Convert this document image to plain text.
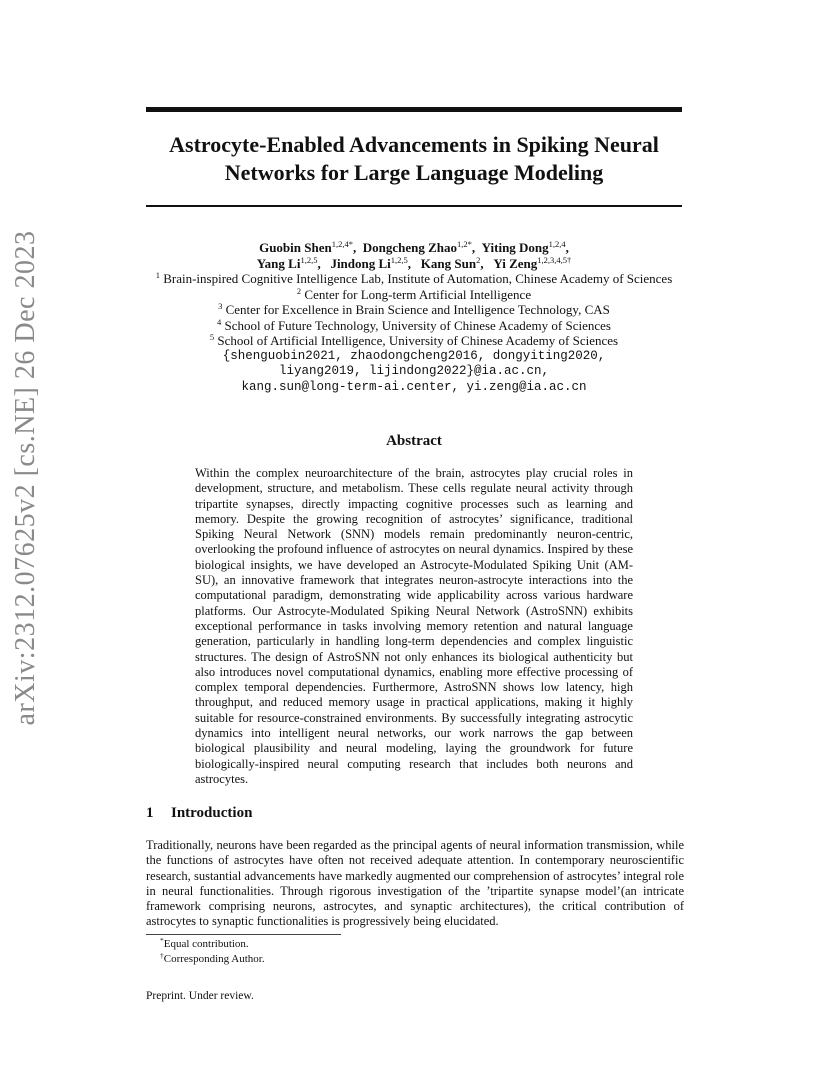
arXiv:2312.07625v2 [cs.NE] 26 Dec 2023
Astrocyte-Enabled Advancements in Spiking Neural Networks for Large Language Modeling
Guobin Shen$^{1,2,4*}$,  Dongcheng Zhao$^{1,2*}$,  Yiting Dong$^{1,2,4}$,
Yang Li$^{1,2,5}$,   Jindong Li$^{1,2,5}$,   Kang Sun$^2$,   Yi Zeng$^{1,2,3,4,5\dagger}$
$^1$ Brain-inspired Cognitive Intelligence Lab, Institute of Automation, Chinese Academy of Sciences
$^2$ Center for Long-term Artificial Intelligence
$^3$ Center for Excellence in Brain Science and Intelligence Technology, CAS
$^4$ School of Future Technology, University of Chinese Academy of Sciences
$^5$ School of Artificial Intelligence, University of Chinese Academy of Sciences
{shenguobin2021, zhaodongcheng2016, dongyiting2020,
liyang2019, lijindong2022}@ia.ac.cn,
kang.sun@long-term-ai.center, yi.zeng@ia.ac.cn
Abstract
Within the complex neuroarchitecture of the brain, astrocytes play crucial roles in development, structure, and metabolism. These cells regulate neural activity through tripartite synapses, directly impacting cognitive processes such as learning and memory. Despite the growing recognition of astrocytes’ significance, traditional Spiking Neural Network (SNN) models remain predominantly neuron-centric, overlooking the profound influence of astrocytes on neural dynamics. Inspired by these biological insights, we have developed an Astrocyte-Modulated Spiking Unit (AM-SU), an innovative framework that integrates neuron-astrocyte interactions into the computational paradigm, demonstrating wide applicability across various hardware platforms. Our Astrocyte-Modulated Spiking Neural Network (AstroSNN) exhibits exceptional performance in tasks involving memory retention and natural language generation, particularly in handling long-term dependencies and complex linguistic structures. The design of AstroSNN not only enhances its biological authenticity but also introduces novel computational dynamics, enabling more effective processing of complex temporal dependencies. Furthermore, AstroSNN shows low latency, high throughput, and reduced memory usage in practical applications, making it highly suitable for resource-constrained environments. By successfully integrating astrocytic dynamics into intelligent neural networks, our work narrows the gap between biological plausibility and neural modeling, laying the groundwork for future biologically-inspired neural computing research that includes both neurons and astrocytes.
1 Introduction
Traditionally, neurons have been regarded as the principal agents of neural information transmission, while the functions of astrocytes have often not received adequate attention. In contemporary neuroscientific research, sustantial advancements have markedly augmented our comprehension of astrocytes’ integral role in neural functionalities. Through rigorous investigation of the ’tripartite synapse model’(an intricate framework comprising neurons, astrocytes, and synaptic architectures), the critical contribution of astrocytes to synaptic functionalities is progressively being elucidated.
*Equal contribution.
†Corresponding Author.
Preprint. Under review.
